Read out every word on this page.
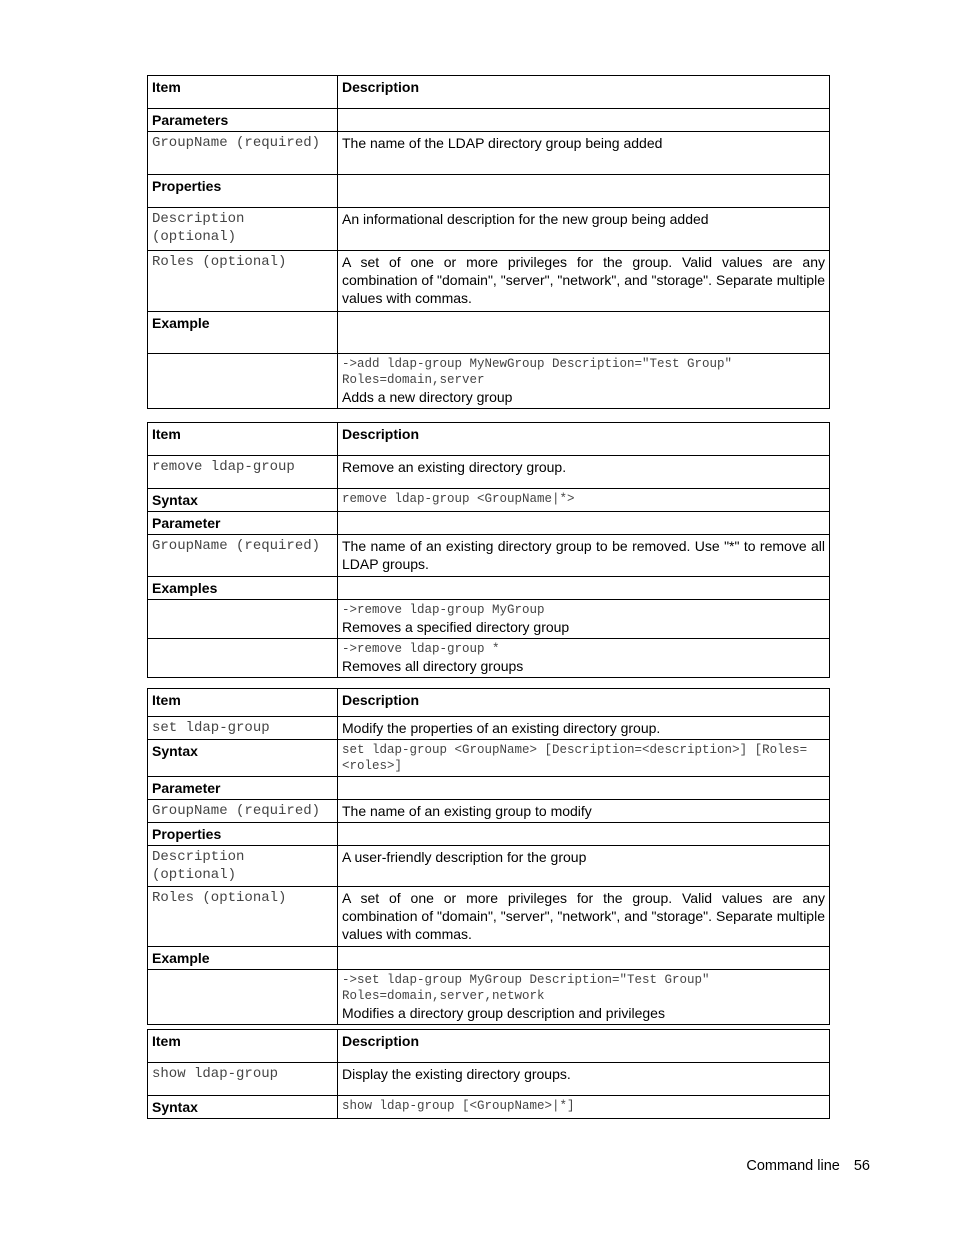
Item	Description
Parameters	
GroupName (required)	The name of the LDAP directory group being added
Properties	
Description (optional)	An informational description for the new group being added
Roles (optional)	A set of one or more privileges for the group. Valid values are any combination of "domain", "server", "network", and "storage". Separate multiple values with commas.
Example	

	->add ldap-group MyNewGroup Description="Test Group" Roles=domain,server
Adds a new directory group
Item	Description
remove ldap-group	Remove an existing directory group.
Syntax	remove ldap-group <GroupName|*>

Parameter	
GroupName (required)	The name of an existing directory group to be removed. Use "*" to remove all LDAP groups.
Examples	

	->remove ldap-group MyGroup
Removes a specified directory group

	->remove ldap-group *
Removes all directory groups
Item	Description
set ldap-group	Modify the properties of an existing directory group.
Syntax	set ldap-group <GroupName> [Description=<description>] [Roles=<roles>]

Parameter	
GroupName (required)	The name of an existing group to modify
Properties	
Description (optional)	A user-friendly description for the group
Roles (optional)	A set of one or more privileges for the group. Valid values are any combination of "domain", "server", "network", and "storage". Separate multiple values with commas.
Example	

	->set ldap-group MyGroup Description="Test Group" Roles=domain,server,network
Modifies a directory group description and privileges
Item	Description
show ldap-group	Display the existing directory groups.
Syntax	show ldap-group [<GroupName>|*]
Command line 56
